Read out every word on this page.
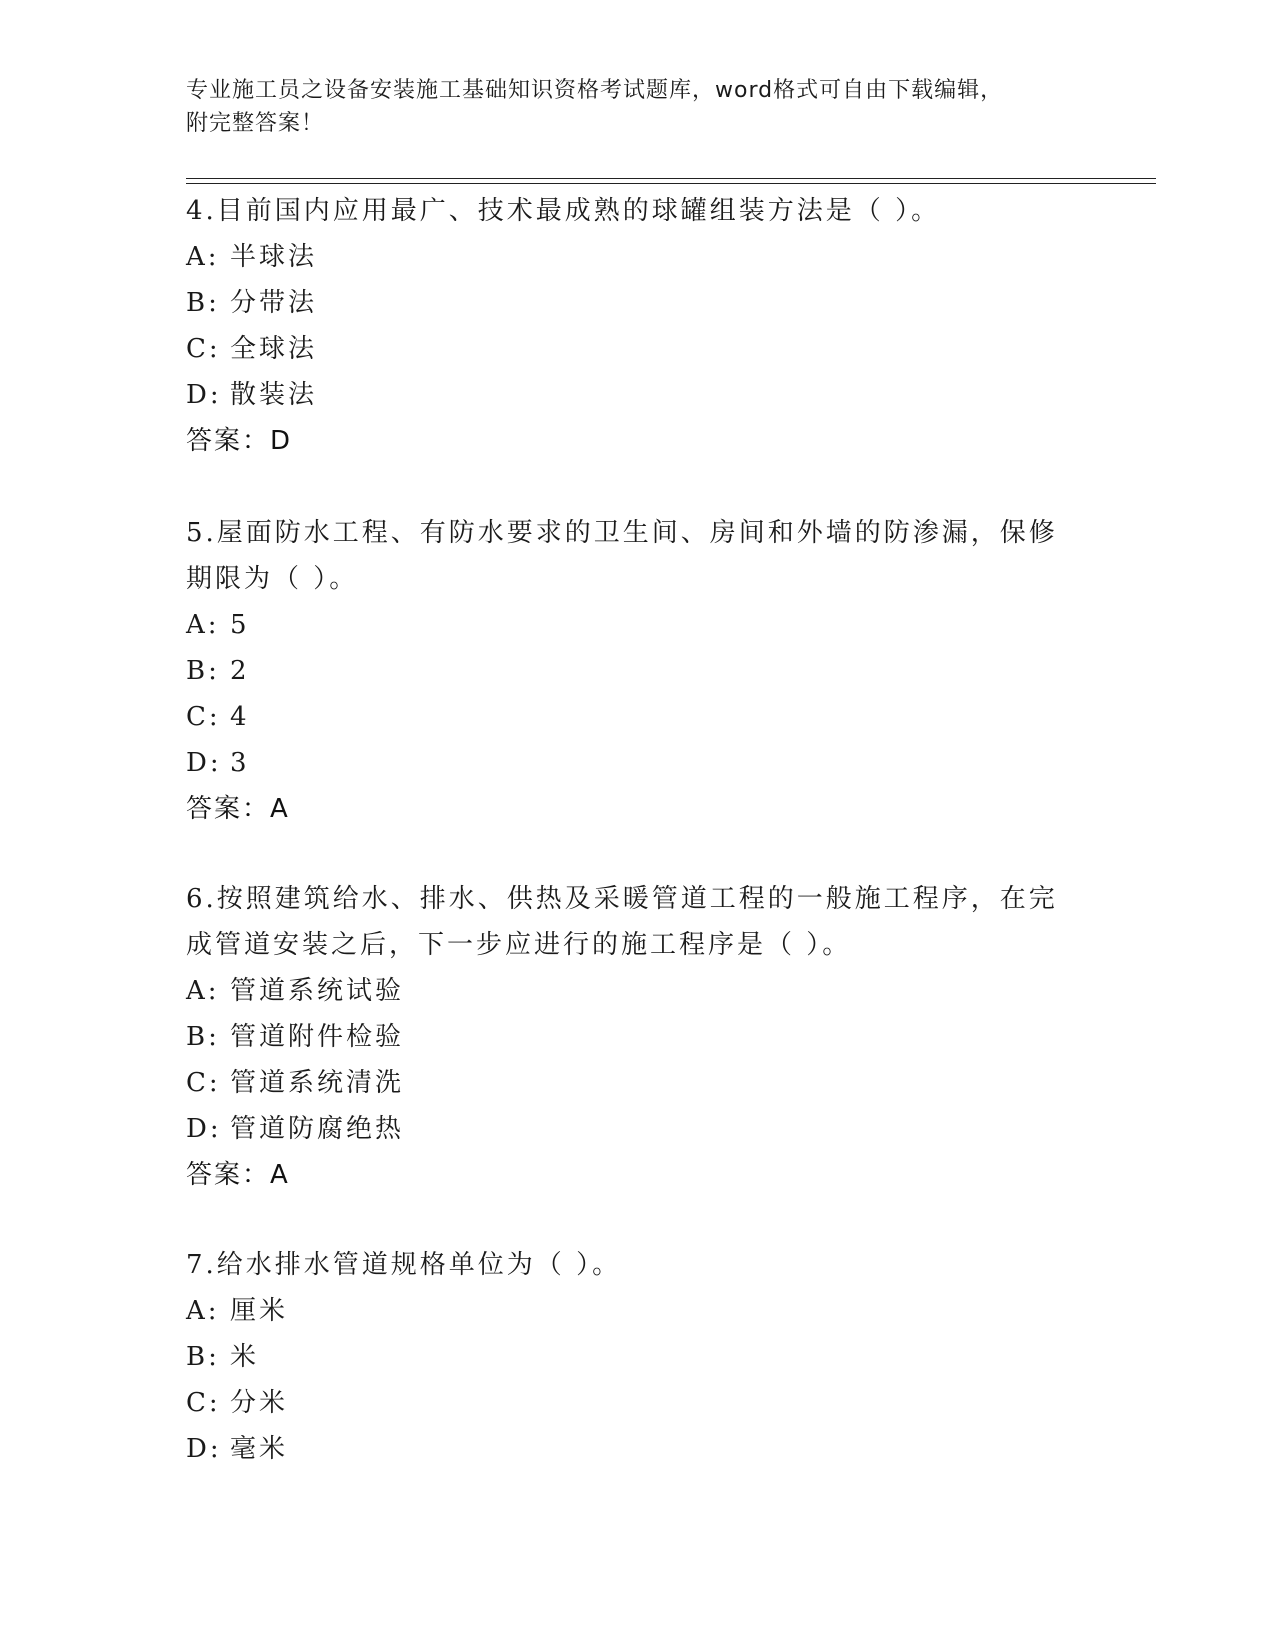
专业施工员之设备安装施工基础知识资格考试题库，word格式可自由下载编辑，
附完整答案！

4.目前国内应用最广、技术最成熟的球罐组装方法是（ ）。

A: 半球法
B: 分带法
C: 全球法
D: 散装法
答案：D

5.屋面防水工程、有防水要求的卫生间、房间和外墙的防渗漏，保修期限为（ ）。

A: 5
B: 2
C: 4
D: 3
答案：A

6.按照建筑给水、排水、供热及采暖管道工程的一般施工程序，在完成管道安装之后，下一步应进行的施工程序是（ ）。

A: 管道系统试验
B: 管道附件检验
C: 管道系统清洗
D: 管道防腐绝热
答案：A

7.给水排水管道规格单位为（ ）。

A: 厘米
B: 米
C: 分米
D: 毫米
